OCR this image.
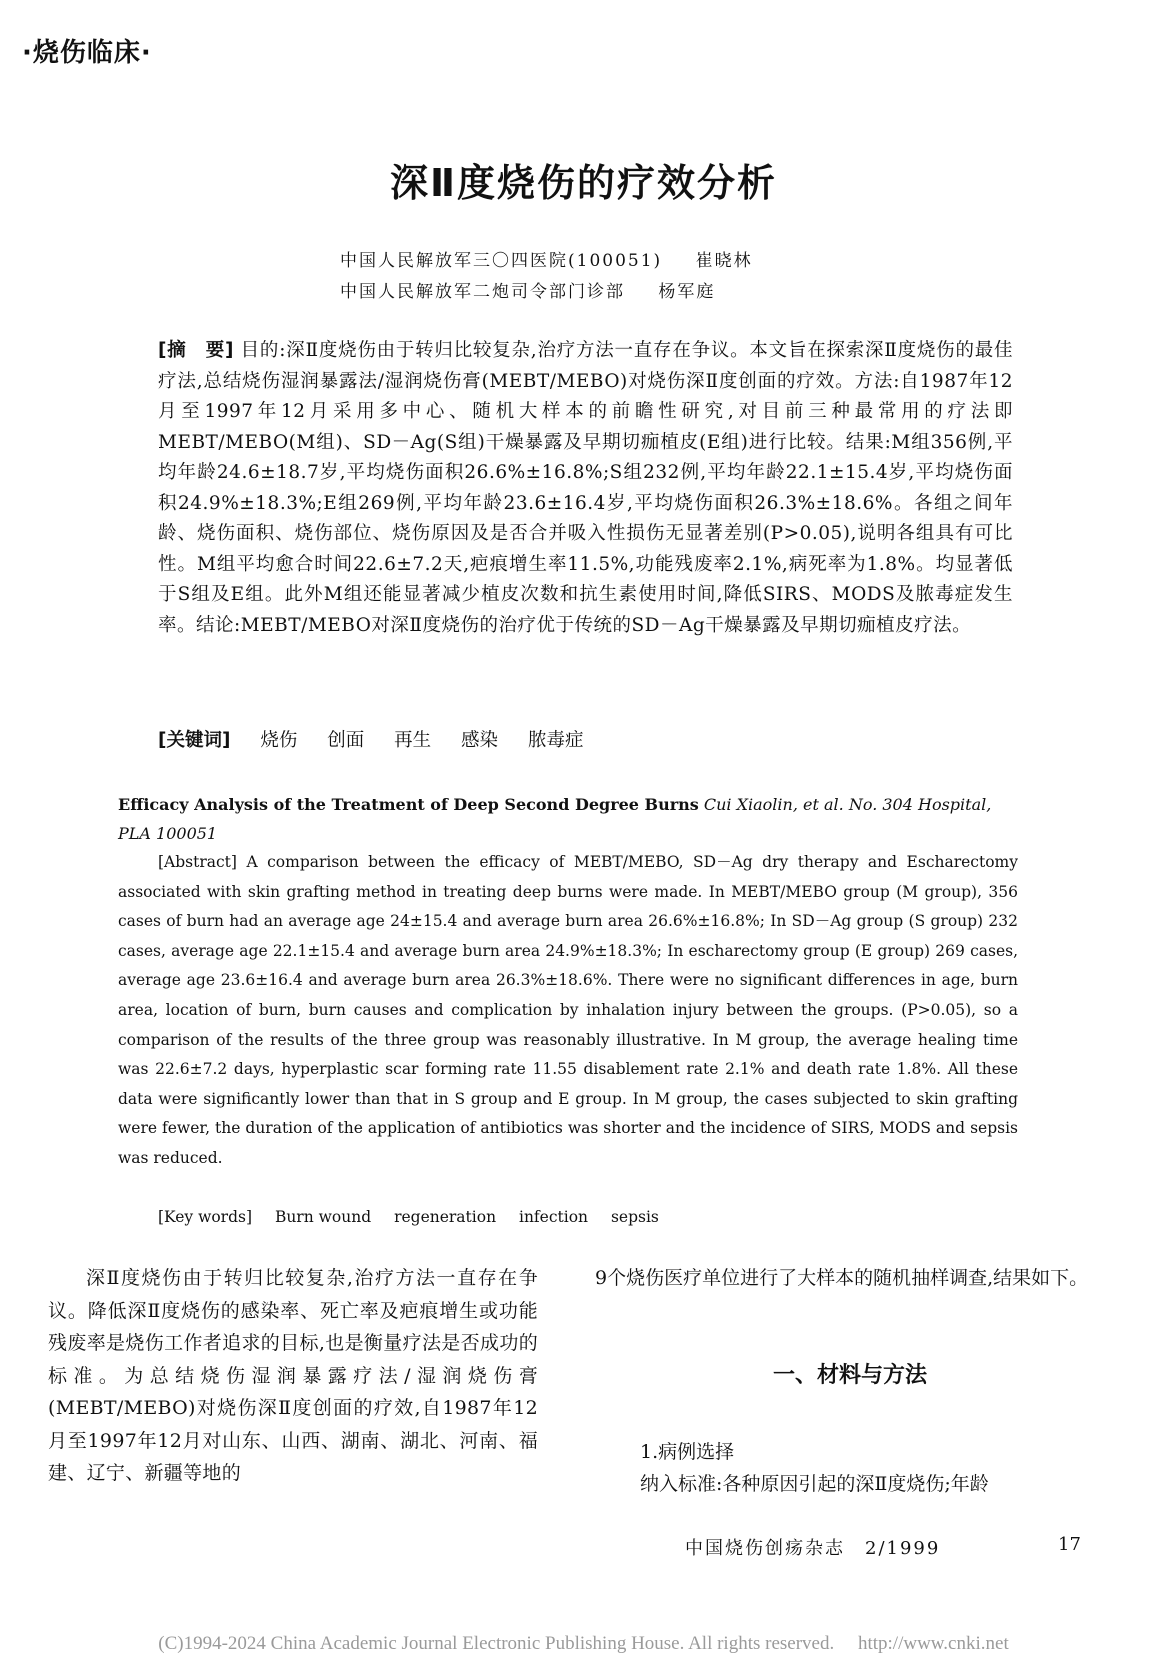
·烧伤临床·
深Ⅱ度烧伤的疗效分析
中国人民解放军三〇四医院(100051) 崔晓林
中国人民解放军二炮司令部门诊部 杨军庭
[摘　要] 目的:深Ⅱ度烧伤由于转归比较复杂,治疗方法一直存在争议。本文旨在探索深Ⅱ度烧伤的最佳疗法,总结烧伤湿润暴露法/湿润烧伤膏(MEBT/MEBO)对烧伤深Ⅱ度创面的疗效。方法:自1987年12月至1997年12月采用多中心、随机大样本的前瞻性研究,对目前三种最常用的疗法即MEBT/MEBO(M组)、SD－Ag(S组)干燥暴露及早期切痂植皮(E组)进行比较。结果:M组356例,平均年龄24.6±18.7岁,平均烧伤面积26.6%±16.8%;S组232例,平均年龄22.1±15.4岁,平均烧伤面积24.9%±18.3%;E组269例,平均年龄23.6±16.4岁,平均烧伤面积26.3%±18.6%。各组之间年龄、烧伤面积、烧伤部位、烧伤原因及是否合并吸入性损伤无显著差别(P>0.05),说明各组具有可比性。M组平均愈合时间22.6±7.2天,疤痕增生率11.5%,功能残废率2.1%,病死率为1.8%。均显著低于S组及E组。此外M组还能显著减少植皮次数和抗生素使用时间,降低SIRS、MODS及脓毒症发生率。结论:MEBT/MEBO对深Ⅱ度烧伤的治疗优于传统的SD－Ag干燥暴露及早期切痂植皮疗法。
[关键词] 烧伤 创面 再生 感染 脓毒症
Efficacy Analysis of the Treatment of Deep Second Degree Burns Cui Xiaolin, et al. No. 304 Hospital, PLA 100051
[Abstract] A comparison between the efficacy of MEBT/MEBO, SD－Ag dry therapy and Escharectomy associated with skin grafting method in treating deep burns were made. In MEBT/MEBO group (M group), 356 cases of burn had an average age 24±15.4 and average burn area 26.6%±16.8%; In SD－Ag group (S group) 232 cases, average age 22.1±15.4 and average burn area 24.9%±18.3%; In escharectomy group (E group) 269 cases, average age 23.6±16.4 and average burn area 26.3%±18.6%. There were no significant differences in age, burn area, location of burn, burn causes and complication by inhalation injury between the groups. (P>0.05), so a comparison of the results of the three group was reasonably illustrative. In M group, the average healing time was 22.6±7.2 days, hyperplastic scar forming rate 11.55 disablement rate 2.1% and death rate 1.8%. All these data were significantly lower than that in S group and E group. In M group, the cases subjected to skin grafting were fewer, the duration of the application of antibiotics was shorter and the incidence of SIRS, MODS and sepsis was reduced.
[Key words] Burn wound regeneration infection sepsis
深Ⅱ度烧伤由于转归比较复杂,治疗方法一直存在争议。降低深Ⅱ度烧伤的感染率、死亡率及疤痕增生或功能残废率是烧伤工作者追求的目标,也是衡量疗法是否成功的标准。为总结烧伤湿润暴露疗法/湿润烧伤膏(MEBT/MEBO)对烧伤深Ⅱ度创面的疗效,自1987年12月至1997年12月对山东、山西、湖南、湖北、河南、福建、辽宁、新疆等地的
9个烧伤医疗单位进行了大样本的随机抽样调查,结果如下。
一、材料与方法
1.病例选择
纳入标准:各种原因引起的深Ⅱ度烧伤;年龄
中国烧伤创疡杂志　2/1999	17
(C)1994-2024 China Academic Journal Electronic Publishing House. All rights reserved.　 http://www.cnki.net
